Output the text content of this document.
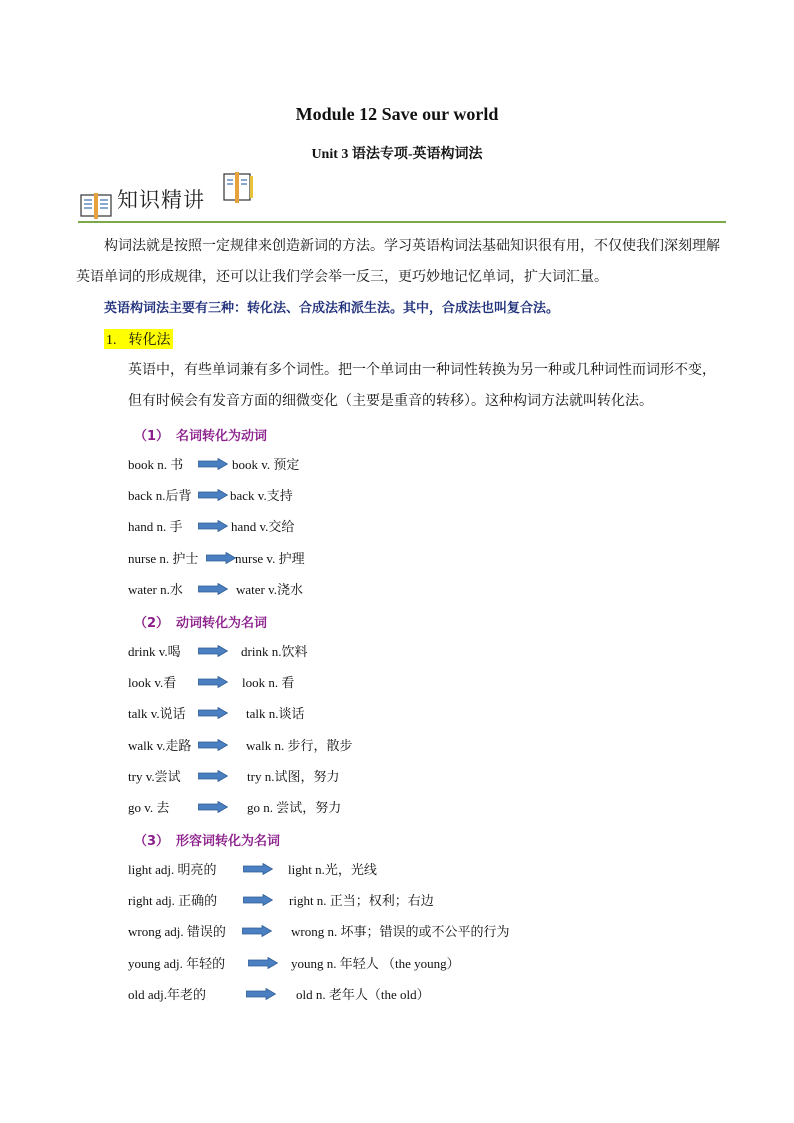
Module 12 Save our world
Unit 3 语法专项-英语构词法
知识精讲
构词法就是按照一定规律来创造新词的方法。学习英语构词法基础知识很有用，不仅使我们深刻理解
英语单词的形成规律，还可以让我们学会举一反三，更巧妙地记忆单词，扩大词汇量。
英语构词法主要有三种：转化法、合成法和派生法。其中，合成法也叫复合法。
1. 转化法
英语中，有些单词兼有多个词性。把一个单词由一种词性转换为另一种或几种词性而词形不变，
但有时候会有发音方面的细微变化（主要是重音的转移）。这种构词方法就叫转化法。
（1） 名词转化为动词
book n. 书	book v. 预定
back n.后背	back v.支持
hand n. 手	hand v.交给
nurse n. 护士	nurse v. 护理
water n.水	water v.浇水
（2） 动词转化为名词
drink v.喝	drink n.饮料
look v.看	look n. 看
talk v.说话	talk n.谈话
walk v.走路	walk n. 步行，散步
try v.尝试	try n.试图，努力
go v. 去	go n. 尝试，努力
（3） 形容词转化为名词
light adj. 明亮的	light n.光，光线
right adj. 正确的	right n. 正当；权利；右边
wrong adj. 错误的	wrong n. 坏事；错误的或不公平的行为
young adj. 年轻的	young n. 年轻人 （the young）
old adj.年老的	old n. 老年人（the old）
